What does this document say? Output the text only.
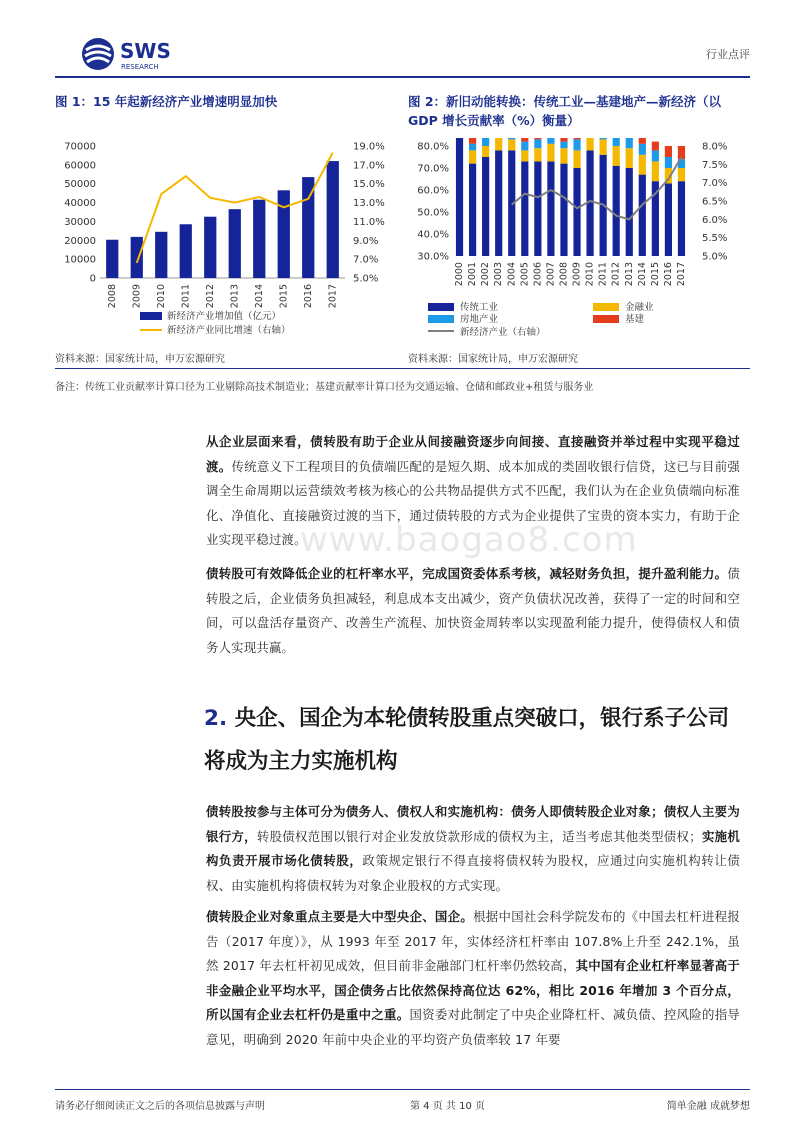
SWS
RESEARCH
行业点评
图 1：15 年起新经济产业增速明显加快	图 2：新旧动能转换：传统工业—基建地产—新经济（以 GDP 增长贡献率（%）衡量）
0
10000
20000
30000
40000
50000
60000
70000
5.0%
7.0%
9.0%
11.0%
13.0%
15.0%
17.0%
19.0%
2008 2009 2010 2011 2012 2013 2014 2015 2016 2017
新经济产业增加值（亿元）
新经济产业同比增速（右轴）
30.0%
40.0%
50.0%
60.0%
70.0%
80.0%
5.0%
5.5%
6.0%
6.5%
7.0%
7.5%
8.0%
2000 2001 2002 2003 2004 2005 2006 2007 2008 2009 2010 2011 2012 2013 2014 2015 2016 2017
传统工业	金融业
房地产业	基建
新经济产业（右轴）
资料来源：国家统计局，申万宏源研究	资料来源：国家统计局，申万宏源研究
备注：传统工业贡献率计算口径为工业剔除高技术制造业；基建贡献率计算口径为交通运输、仓储和邮政业+租赁与服务业
www.baogao8.com
从企业层面来看，债转股有助于企业从间接融资逐步向间接、直接融资并举过程中实现平稳过渡。传统意义下工程项目的负债端匹配的是短久期、成本加成的类固收银行信贷，这已与目前强调全生命周期以运营绩效考核为核心的公共物品提供方式不匹配，我们认为在企业负债端向标准化、净值化、直接融资过渡的当下，通过债转股的方式为企业提供了宝贵的资本实力，有助于企业实现平稳过渡。
债转股可有效降低企业的杠杆率水平，完成国资委体系考核，减轻财务负担，提升盈利能力。债转股之后，企业债务负担减轻，利息成本支出减少，资产负债状况改善，获得了一定的时间和空间，可以盘活存量资产、改善生产流程、加快资金周转率以实现盈利能力提升，使得债权人和债务人实现共赢。
2. 央企、国企为本轮债转股重点突破口，银行系子公司将成为主力实施机构
债转股按参与主体可分为债务人、债权人和实施机构：债务人即债转股企业对象；债权人主要为银行方，转股债权范围以银行对企业发放贷款形成的债权为主，适当考虑其他类型债权；实施机构负责开展市场化债转股，政策规定银行不得直接将债权转为股权，应通过向实施机构转让债权、由实施机构将债权转为对象企业股权的方式实现。
债转股企业对象重点主要是大中型央企、国企。根据中国社会科学院发布的《中国去杠杆进程报告（2017 年度）》，从 1993 年至 2017 年，实体经济杠杆率由 107.8%上升至 242.1%，虽然 2017 年去杠杆初见成效，但目前非金融部门杠杆率仍然较高，其中国有企业杠杆率显著高于非金融企业平均水平，国企债务占比依然保持高位达 62%，相比 2016 年增加 3 个百分点，所以国有企业去杠杆仍是重中之重。国资委对此制定了中央企业降杠杆、减负债、控风险的指导意见，明确到 2020 年前中央企业的平均资产负债率较 17 年要
请务必仔细阅读正文之后的各项信息披露与声明	第 4 页 共 10 页	简单金融 成就梦想
